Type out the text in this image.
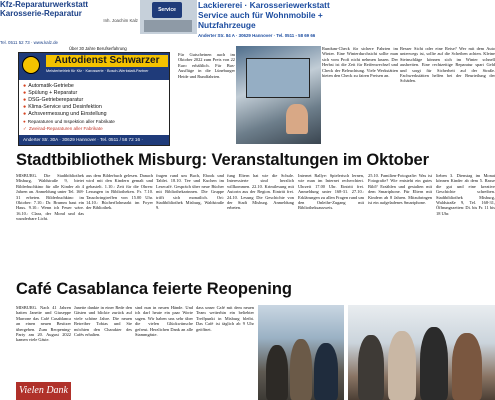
Kfz-Reparaturwerkstatt
Karosserie-Reparatur
Inh. Joachim Kalz
Tel. 0511 52 73 · www.kalz.de
Service	Lackiererei · Karosseriewerkstatt
Service auch für Wohnmobile + Nutzfahrzeuge
Anderter Str. 84 A · 30629 Hannover · Tel. 0511 - 58 69 66
Über 30 Jahre Berufserfahrung
Autodienst Schwarzer
Meisterbetrieb für Kfz · Karosserie · Bosch-Werkstatt-Partner
● Automatik-Getriebe
● Spülung + Reparatur
● DSG-Getriebereparatur
● Klima-Service und Desinfektion
● Achsvermessung und Einstellung
● Reparaturen und Inspektion aller Fabrikate
✓ Zweirad-Reparaturen aller Fabrikate
Anderter Str. 30A · 30629 Hannover · Tel. 0511 / 58 72 16 · www.schwarzer-go1a.de

Für Gutscheinen auch im Oktober 2022 zum Preis von 22 Euro erhältlich. Für Bus-Ausflüge in die Lüneburger Heide und Rundfahrten.

Rundum-Check für sichere Fahrten im Winter. Eine Winterdurchsicht sollte man sich vom Profi nicht nehmen lassen. Der Herbst ist die Zeit für Reifenwechsel und Check der Beleuchtung. Viele Werkstätten bieten den Check zu fairen Preisen an.

Besser Sicht oder eine Reise? Wer mit dem Auto unterwegs ist, sollte auf die Scheiben achten. Kleine Steinschläge können sich im Winter schnell ausbreiten. Eine rechtzeitige Reparatur spart Geld und sorgt für Sicherheit auf der Straße. Fachwerkstätten helfen bei der Beurteilung der Schäden.

Stadtbibliothek Misburg: Veranstaltungen im Oktober

MISBURG. Die Stadtbibliothek Misburg, Waldstraße 9, bietet Bilderbuchkino für alle Kinder ab 4 Jahren an. Anmeldung unter Tel. 168-31 erbeten. Bilderbuchkino im Oktober: 7.10.: Dr. Brumm baut ein Haus. 9.10.: Wenn ich Feuer wäre. 16.10.: Clara, der Mond und das wunderbare Licht.

aus dem Bilderbuch gelesen. Danach wird mit den Kindern gemalt und gebastelt. 1.10.: Zeit für die Ohren: Lesungen in Bibliotheken. Fr. 7.10. Tauschringtreffen von 15.00 Uhr. 14.10.: Bücherflohmarkt im Foyer der Bibliothek.

fragen rund um Buch, Ebook und Tablet. 18.10. Tee und Kuchen im Lesecafé. Gespräch über neue Bücher mit Bibliothekarinnen. Die Gruppe trifft sich monatlich. Ort: Stadtbibliothek Misburg, Waldstraße 9.

fung Eltern hat wie die Schule. Interessierte sind herzlich willkommen. 22.10. Krimilesung mit Autorin aus der Region. Eintritt frei. 24.10. Lesung Die Geschichte von der Stadt Misburg. Anmeldung erbeten.

Internet Rallye: Spielerisch lernen, wie man im Internet recherchiert. Uhrzeit 17.00 Uhr. Eintritt frei. Anmeldung unter 168-31. 27.10.: Erklärungen zu allen Fragen rund um den Onleihe-Zugang mit Bibliotheksausweis.

25.10. Familien-Fotografie: Was ist Fotografie? Wie entsteht ein gutes Bild? Erzählen und gestalten mit dem Smartphone. Für Eltern mit Kindern ab 8 Jahren. Mitzubringen ist ein aufgeladenes Smartphone.

lieben 3. Dienstag im Monat können Kinder ab dem 5. Rasse die gut und eine kreative Geschichte schreiben. Stadtbibliothek Misburg, Waldstraße 9, Tel. 168-31, Öffnungszeiten: Di. bis Fr. 11 bis 18 Uhr.

Café Casablanca feierte Reopening

MISBURG. Nach 41 Jahren hatten Janette und Giuseppe Marrone das Café Casablanca an einen neuen Besitzer übergeben. Zum Reopening-Party am 20. August 2022 kamen viele Gäste.

Janette dankte in einer Rede den Gästen und blickte zurück auf viele schöne Jahre. Die neuen Betreiber Tobias und Sie möchten den Charakter des Cafés erhalten.

sind nun in neuen Hände. Und ich darf heute ein paar Worte sagen. Wir haben uns sehr über die vielen Glückwünsche gefreut. Herzlichen Dank an alle Stammgäste.

dass unser Café mit dem neuen Team weiterhin ein beliebter Treffpunkt in Misburg bleibt. Das Café ist täglich ab 9 Uhr geöffnet.

Vielen Dank
